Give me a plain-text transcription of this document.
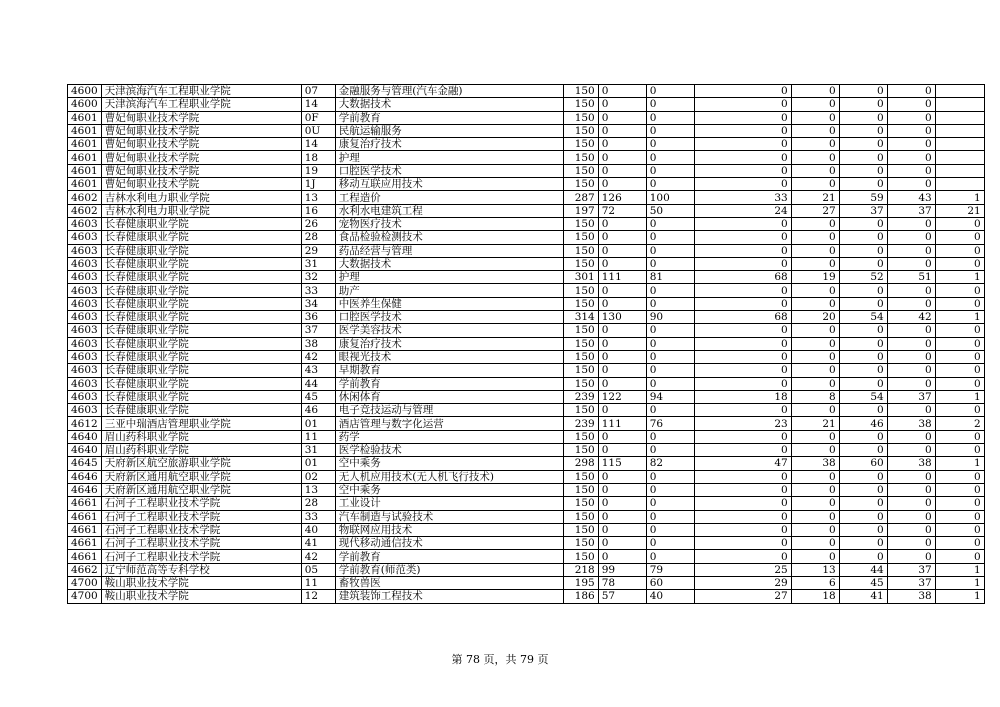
4600	天津滨海汽车工程职业学院	07	金融服务与管理(汽车金融)	150	0	0	0	0	0	0	
4600	天津滨海汽车工程职业学院	14	大数据技术	150	0	0	0	0	0	0	
4601	曹妃甸职业技术学院	0F	学前教育	150	0	0	0	0	0	0	
4601	曹妃甸职业技术学院	0U	民航运输服务	150	0	0	0	0	0	0	
4601	曹妃甸职业技术学院	14	康复治疗技术	150	0	0	0	0	0	0	
4601	曹妃甸职业技术学院	18	护理	150	0	0	0	0	0	0	
4601	曹妃甸职业技术学院	19	口腔医学技术	150	0	0	0	0	0	0	
4601	曹妃甸职业技术学院	1J	移动互联应用技术	150	0	0	0	0	0	0	
4602	吉林水利电力职业学院	13	工程造价	287	126	100	33	21	59	43	1
4602	吉林水利电力职业学院	16	水利水电建筑工程	197	72	50	24	27	37	37	21
4603	长春健康职业学院	26	宠物医疗技术	150	0	0	0	0	0	0	0
4603	长春健康职业学院	28	食品检验检测技术	150	0	0	0	0	0	0	0
4603	长春健康职业学院	29	药品经营与管理	150	0	0	0	0	0	0	0
4603	长春健康职业学院	31	大数据技术	150	0	0	0	0	0	0	0
4603	长春健康职业学院	32	护理	301	111	81	68	19	52	51	1
4603	长春健康职业学院	33	助产	150	0	0	0	0	0	0	0
4603	长春健康职业学院	34	中医养生保健	150	0	0	0	0	0	0	0
4603	长春健康职业学院	36	口腔医学技术	314	130	90	68	20	54	42	1
4603	长春健康职业学院	37	医学美容技术	150	0	0	0	0	0	0	0
4603	长春健康职业学院	38	康复治疗技术	150	0	0	0	0	0	0	0
4603	长春健康职业学院	42	眼视光技术	150	0	0	0	0	0	0	0
4603	长春健康职业学院	43	早期教育	150	0	0	0	0	0	0	0
4603	长春健康职业学院	44	学前教育	150	0	0	0	0	0	0	0
4603	长春健康职业学院	45	休闲体育	239	122	94	18	8	54	37	1
4603	长春健康职业学院	46	电子竞技运动与管理	150	0	0	0	0	0	0	0
4612	三亚中瑞酒店管理职业学院	01	酒店管理与数字化运营	239	111	76	23	21	46	38	2
4640	眉山药科职业学院	11	药学	150	0	0	0	0	0	0	0
4640	眉山药科职业学院	31	医学检验技术	150	0	0	0	0	0	0	0
4645	天府新区航空旅游职业学院	01	空中乘务	298	115	82	47	38	60	38	1
4646	天府新区通用航空职业学院	02	无人机应用技术(无人机飞行技术)	150	0	0	0	0	0	0	0
4646	天府新区通用航空职业学院	13	空中乘务	150	0	0	0	0	0	0	0
4661	石河子工程职业技术学院	28	工业设计	150	0	0	0	0	0	0	0
4661	石河子工程职业技术学院	33	汽车制造与试验技术	150	0	0	0	0	0	0	0
4661	石河子工程职业技术学院	40	物联网应用技术	150	0	0	0	0	0	0	0
4661	石河子工程职业技术学院	41	现代移动通信技术	150	0	0	0	0	0	0	0
4661	石河子工程职业技术学院	42	学前教育	150	0	0	0	0	0	0	0
4662	辽宁师范高等专科学校	05	学前教育(师范类)	218	99	79	25	13	44	37	1
4700	鞍山职业技术学院	11	畜牧兽医	195	78	60	29	6	45	37	1
4700	鞍山职业技术学院	12	建筑装饰工程技术	186	57	40	27	18	41	38	1
第 78 页，共 79 页
